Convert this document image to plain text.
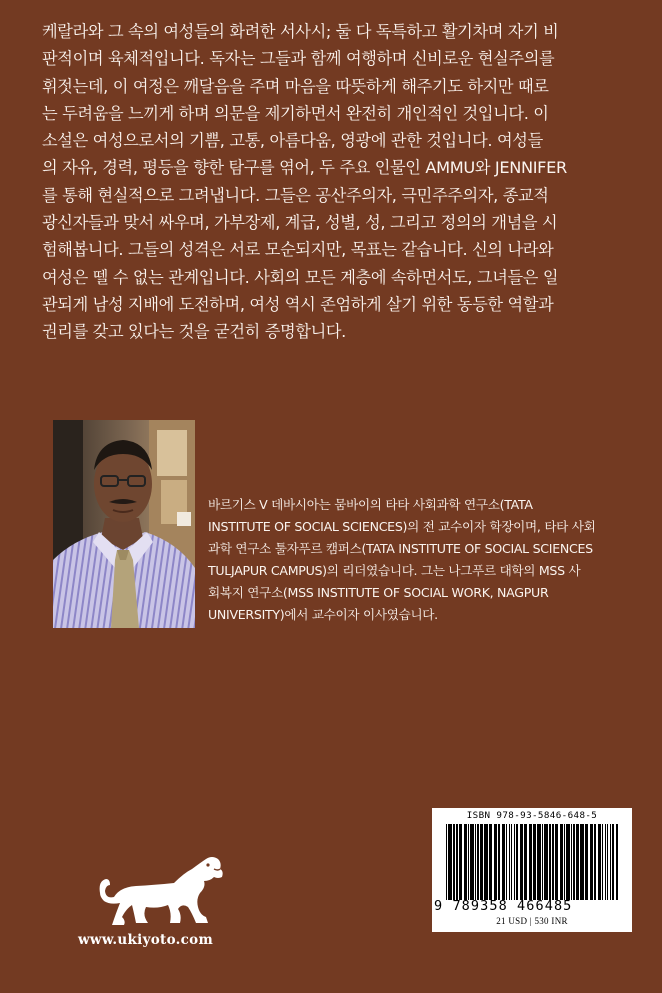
케랄라와 그 속의 여성들의 화려한 서사시; 둘 다 독특하고 활기차며 자기 비

판적이며 육체적입니다. 독자는 그들과 함께 여행하며 신비로운 현실주의를

휘젓는데, 이 여정은 깨달음을 주며 마음을 따뜻하게 해주기도 하지만 때로

는 두려움을 느끼게 하며 의문을 제기하면서 완전히 개인적인 것입니다. 이

소설은 여성으로서의 기쁨, 고통, 아름다움, 영광에 관한 것입니다. 여성들

의 자유, 경력, 평등을 향한 탐구를 엮어, 두 주요 인물인 AMMU와 JENNIFER

를 통해 현실적으로 그려냅니다. 그들은 공산주의자, 극민주주의자, 종교적

광신자들과 맞서 싸우며, 가부장제, 계급, 성별, 성, 그리고 정의의 개념을 시

험해봅니다. 그들의 성격은 서로 모순되지만, 목표는 같습니다. 신의 나라와

여성은 뗄 수 없는 관계입니다. 사회의 모든 계층에 속하면서도, 그녀들은 일

관되게 남성 지배에 도전하며, 여성 역시 존엄하게 살기 위한 동등한 역할과

권리를 갖고 있다는 것을 굳건히 증명합니다.

바르기스 V 데바시아는 뭄바이의 타타 사회과학 연구소(TATA

INSTITUTE OF SOCIAL SCIENCES)의 전 교수이자 학장이며, 타타 사회

과학 연구소 툴자푸르 캠퍼스(TATA INSTITUTE OF SOCIAL SCIENCES

TULJAPUR CAMPUS)의 리더였습니다. 그는 나그푸르 대학의 MSS 사

회복지 연구소(MSS INSTITUTE OF SOCIAL WORK, NAGPUR

UNIVERSITY)에서 교수이자 이사였습니다.

www.ukiyoto.com
ISBN 978-93-5846-648-5
9 789358 466485
21 USD | 530 INR
